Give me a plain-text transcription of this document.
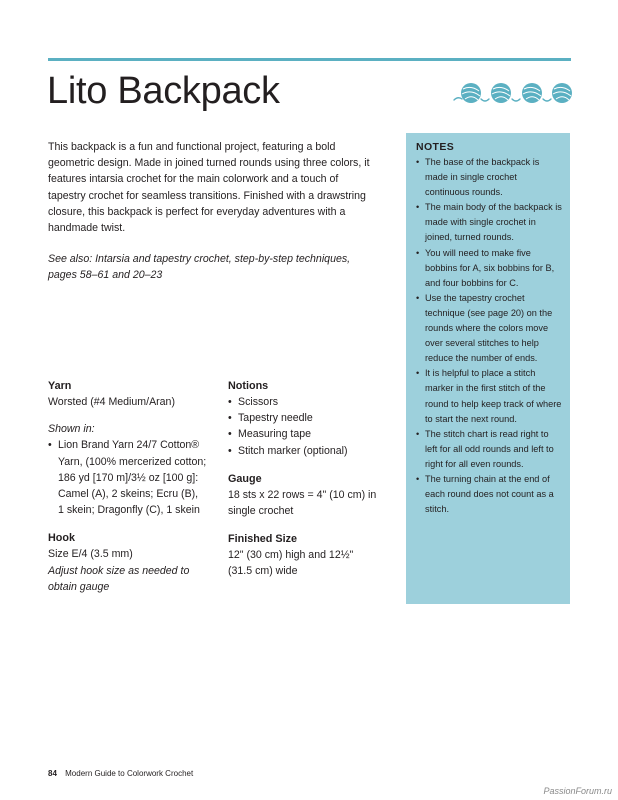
Lito Backpack

This backpack is a fun and functional project, featuring a bold geometric design. Made in joined turned rounds using three colors, it features intarsia crochet for the main colorwork and a touch of tapestry crochet for seamless transitions. Finished with a drawstring closure, this backpack is perfect for everyday adventures with a handmade twist.

See also: Intarsia and tapestry crochet, step-by-step techniques, pages 58–61 and 20–23

NOTES
• The base of the backpack is made in single crochet continuous rounds.
• The main body of the backpack is made with single crochet in joined, turned rounds.
• You will need to make five bobbins for A, six bobbins for B, and four bobbins for C.
• Use the tapestry crochet technique (see page 20) on the rounds where the colors move over several stitches to help reduce the number of ends.
• It is helpful to place a stitch marker in the first stitch of the round to help keep track of where to start the next round.
• The stitch chart is read right to left for all odd rounds and left to right for all even rounds.
• The turning chain at the end of each round does not count as a stitch.
Yarn
Worsted (#4 Medium/Aran)
Shown in:
• Lion Brand Yarn 24/7 Cotton®
Yarn, (100% mercerized cotton;
186 yd [170 m]/3½ oz [100 g]:
Camel (A), 2 skeins; Ecru (B),
1 skein; Dragonfly (C), 1 skein
Hook
Size E/4 (3.5 mm)
Adjust hook size as needed to
obtain gauge
Notions
• Scissors
• Tapestry needle
• Measuring tape
• Stitch marker (optional)
Gauge
18 sts x 22 rows = 4" (10 cm) in
single crochet
Finished Size
12" (30 cm) high and 12½"
(31.5 cm) wide
84 Modern Guide to Colorwork Crochet
PassionForum.ru
